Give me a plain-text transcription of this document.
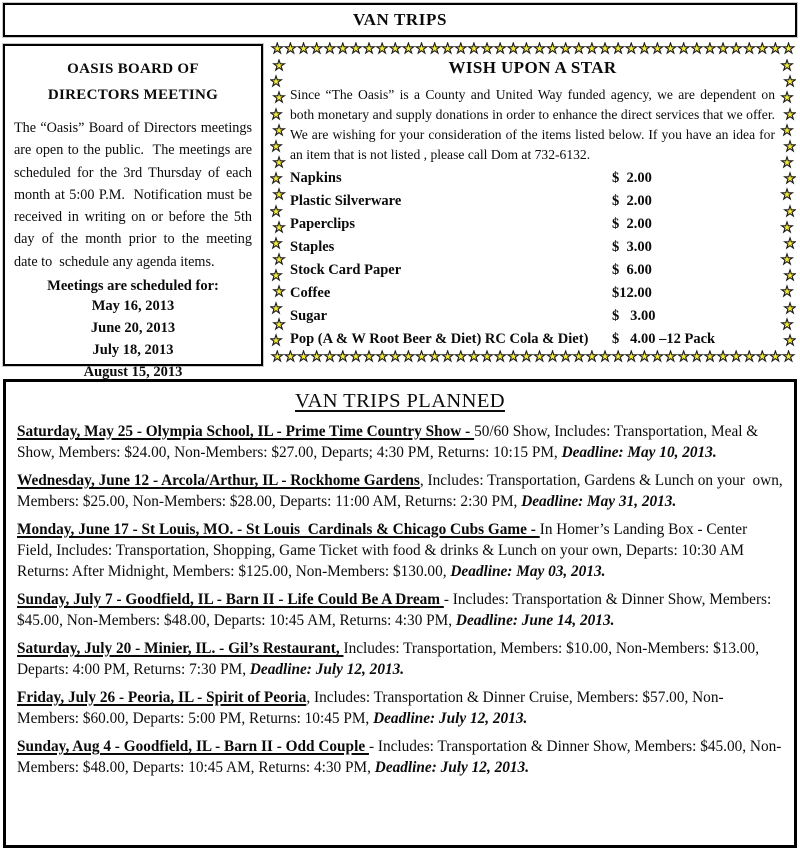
VAN TRIPS
OASIS BOARD OF
DIRECTORS MEETING

The “Oasis” Board of Directors meetings are open to the public.  The meetings are scheduled for the 3rd Thursday of each month at 5:00 P.M.  Notification must be received in writing on or before the 5th day of the month prior to the meeting date to  schedule any agenda items.

Meetings are scheduled for:
May 16, 2013
June 20, 2013
July 18, 2013
August 15, 2013
★ ★ ★ ★ ★ ★ ★ ★ ★ ★ ★ ★ ★ ★ ★ ★ ★ ★ ★ ★ ★ ★ ★ ★ ★ ★ ★ ★ ★ ★ ★ ★ ★ ★ ★ ★ ★ ★ ★ ★
★
★
★
★
★
★
★
★
★
★
★
★
★
★
★
★
★
★
★
★
★
★
★
★
★
★
★
★
★
★
★
★
★
★
★
★
★ ★ ★ ★ ★ ★ ★ ★ ★ ★ ★ ★ ★ ★ ★ ★ ★ ★ ★ ★ ★ ★ ★ ★ ★ ★ ★ ★ ★ ★ ★ ★ ★ ★ ★ ★ ★ ★ ★ ★
WISH UPON A STAR

Since “The Oasis” is a County and United Way funded agency, we are dependent on both monetary and supply donations in order to enhance the direct services that we offer.  We are wishing for your consideration of the items listed below. If you have an idea for an item that is not listed , please call Dom at 732-6132.

Napkins	$  2.00
Plastic Silverware	$  2.00
Paperclips	$  2.00
Staples	$  3.00
Stock Card Paper	$  6.00
Coffee	$12.00
Sugar	$   3.00
Pop (A & W Root Beer & Diet) RC Cola & Diet)	$   4.00 –12 Pack
VAN TRIPS PLANNED

Saturday, May 25 - Olympia School, IL - Prime Time Country Show - 50/60 Show, Includes: Transportation, Meal & Show, Members: $24.00, Non-Members: $27.00, Departs; 4:30 PM, Returns: 10:15 PM, Deadline: May 10, 2013.

Wednesday, June 12 - Arcola/Arthur, IL - Rockhome Gardens, Includes: Transportation, Gardens & Lunch on your  own, Members: $25.00, Non-Members: $28.00, Departs: 11:00 AM, Returns: 2:30 PM, Deadline: May 31, 2013.

Monday, June 17 - St Louis, MO. - St Louis  Cardinals & Chicago Cubs Game - In Homer’s Landing Box - Center Field, Includes: Transportation, Shopping, Game Ticket with food & drinks & Lunch on your own, Departs: 10:30 AM Returns: After Midnight, Members: $125.00, Non-Members: $130.00, Deadline: May 03, 2013.

Sunday, July 7 - Goodfield, IL - Barn II - Life Could Be A Dream - Includes: Transportation & Dinner Show, Members: $45.00, Non-Members: $48.00, Departs: 10:45 AM, Returns: 4:30 PM, Deadline: June 14, 2013.

Saturday, July 20 - Minier, IL. - Gil’s Restaurant, Includes: Transportation, Members: $10.00, Non-Members: $13.00, Departs: 4:00 PM, Returns: 7:30 PM, Deadline: July 12, 2013.

Friday, July 26 - Peoria, IL - Spirit of Peoria, Includes: Transportation & Dinner Cruise, Members: $57.00, Non-Members: $60.00, Departs: 5:00 PM, Returns: 10:45 PM, Deadline: July 12, 2013.

Sunday, Aug 4 - Goodfield, IL - Barn II - Odd Couple - Includes: Transportation & Dinner Show, Members: $45.00, Non-Members: $48.00, Departs: 10:45 AM, Returns: 4:30 PM, Deadline: July 12, 2013.
